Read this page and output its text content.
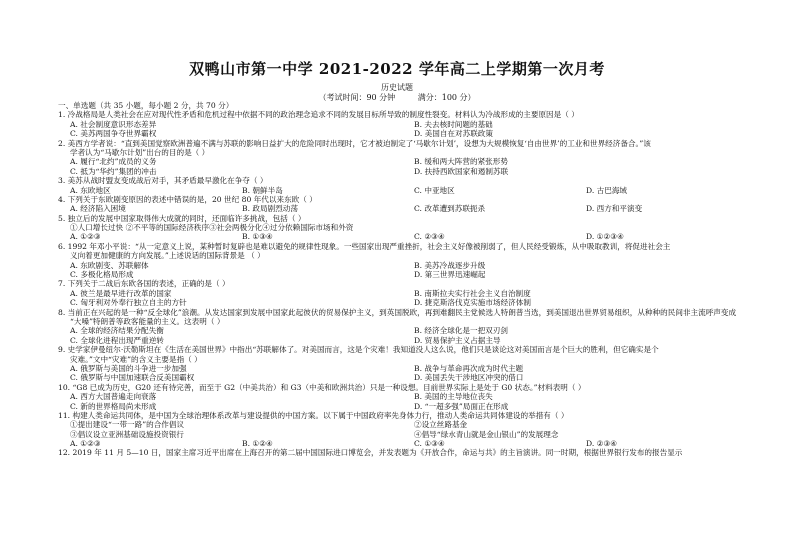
双鸭山市第一中学 2021-2022 学年高二上学期第一次月考
历史试题
（考试时间：90 分钟	满分：100 分）
一、单选题（共 35 小题，每小题 2 分，共 70 分）
1. 冷战格局是人类社会在应对现代性矛盾和危机过程中依据不同的政治理念追求不同的发展目标所导致的制度性裂变。材料认为冷战形成的主要原因是（ ）
A. 社会制度意识形态差异	B. 夫去核时间题的基础
C. 美苏两国争夺世界霸权	D. 美国自在对苏联政策
2. 美西方学者说：“直到美国觉察欧洲普遍不满与苏联的影响日益扩大的危险同时出现时，它才被迫制定了‘马歇尔计划’，设想为大规模恢复‘自由世界’的工业和世界经济备合。”该
学者认为“马歇尔计划”出台的目的是（ ）
A. 履行“北约”成员的义务	B. 缓和两大阵营的紧张形势
C. 抵为“华约”集团的冲击	D. 扶持西欧国家和遏制苏联
3. 美苏从战时盟友变成战后对手，其矛盾最早激化在争夺（ ）
A. 东欧地区	B. 朝鲜半岛	C. 中亚地区	D. 古巴海域
4. 下列关于东欧剧变原因的表述中错误的是，20 世纪 80 年代以来东欧（ ）
A. 经济陷入困境	B. 政局剧烈动荡	C. 改革遭到苏联扼杀	D. 西方和平演变
5. 独立后的发展中国家取得伟大成就的同时，还面临许多挑战，包括（ ）
①人口增长过快 ②不平等的国际经济秩序③社会两极分化④过分依赖国际市场和外资
A. ①②③	B. ①③④	C. ②③④	D. ①②③④
6. 1992 年邓小平说：“从一定意义上说，某种暂时复辟也是难以避免的规律性现象。一些国家出现严重挫折，社会主义好像被削弱了，但人民经受锻炼，从中吸取教训，将促进社会主
义向着更加健康的方向发展。”上述说话的国际背景是 （ ）
A. 东欧剧变、苏联解体	B. 美苏冷战逐步升级
C. 多极化格局形成	D. 第三世界迅速崛起
7. 下列关于二战后东欧各国的表述，正确的是（ ）
A. 彼兰是最早进行改革的国家	B. 南斯拉夫实行社会主义自治制度
C. 匈牙利对外奉行独立自主的方针	D. 捷克斯洛伐克实施市场经济体制
8. 当前正在兴起的是一种“反全球化”浪潮。从发达国家到发展中国家此起彼伏的贸易保护主义，到英国脱欧，再到难翻民主党候选人特朗普当选，到美国退出世界贸易组织，从种种的民间非主流呼声变成
“大嗓”特朗普等政客能量的主义。这表明（ ）
A. 全球的经济结果分配失衡	B. 经济全球化是一把双刃剑
C. 全球化进程出现严重逆转	D. 贸易保护主义占据主导
9. 史学家伊曼纽尔·沃勒斯坦在《生活在美国世界》中指出“苏联解体了。对美国而言，这是个灾难！我知道没人这么说，他们只是谈论这对美国而言是个巨大的胜利，但它确实是个
灾难。”文中“灾难”的含义主要是指（ ）
A. 俄罗斯与美国的斗争进一步加强	B. 战争与革命再次成为时代主题
C. 俄罗斯与中国加速联合反美国霸权	D. 美国丢失干涉地区冲突的借口
10. “G8 已成为历史，G20 还有待完善，而至于 G2（中美共治）和 G3（中美和欧洲共治）只是一种设想。目前世界实际上是处于 G0 状态。”材料表明（ ）
A. 西方大国普遍走向衰落	B. 美国的主导地位丧失
C. 新的世界格局尚未形成	D. “一超多强”局面正在形成
11. 构建人类命运共同体，是中国为全球治理体系改革与建设提供的中国方案。以下属于中国政府率先身体力行，推动人类命运共同体建设的举措有（ ）
①提出建设“一带一路”的合作倡议	②设立丝路基金
③倡议设立亚洲基础设施投资银行	④倡导“绿水青山就是金山银山”的发展理念
A. ①②③	B. ①②④	C. ①③④	D. ②③④
12. 2019 年 11 月 5—10 日，国家主席习近平出席在上海召开的第二届中国国际进口博览会，并发表题为《开放合作，命运与共》的主旨演讲。同一时期，根据世界银行发布的报告显示
